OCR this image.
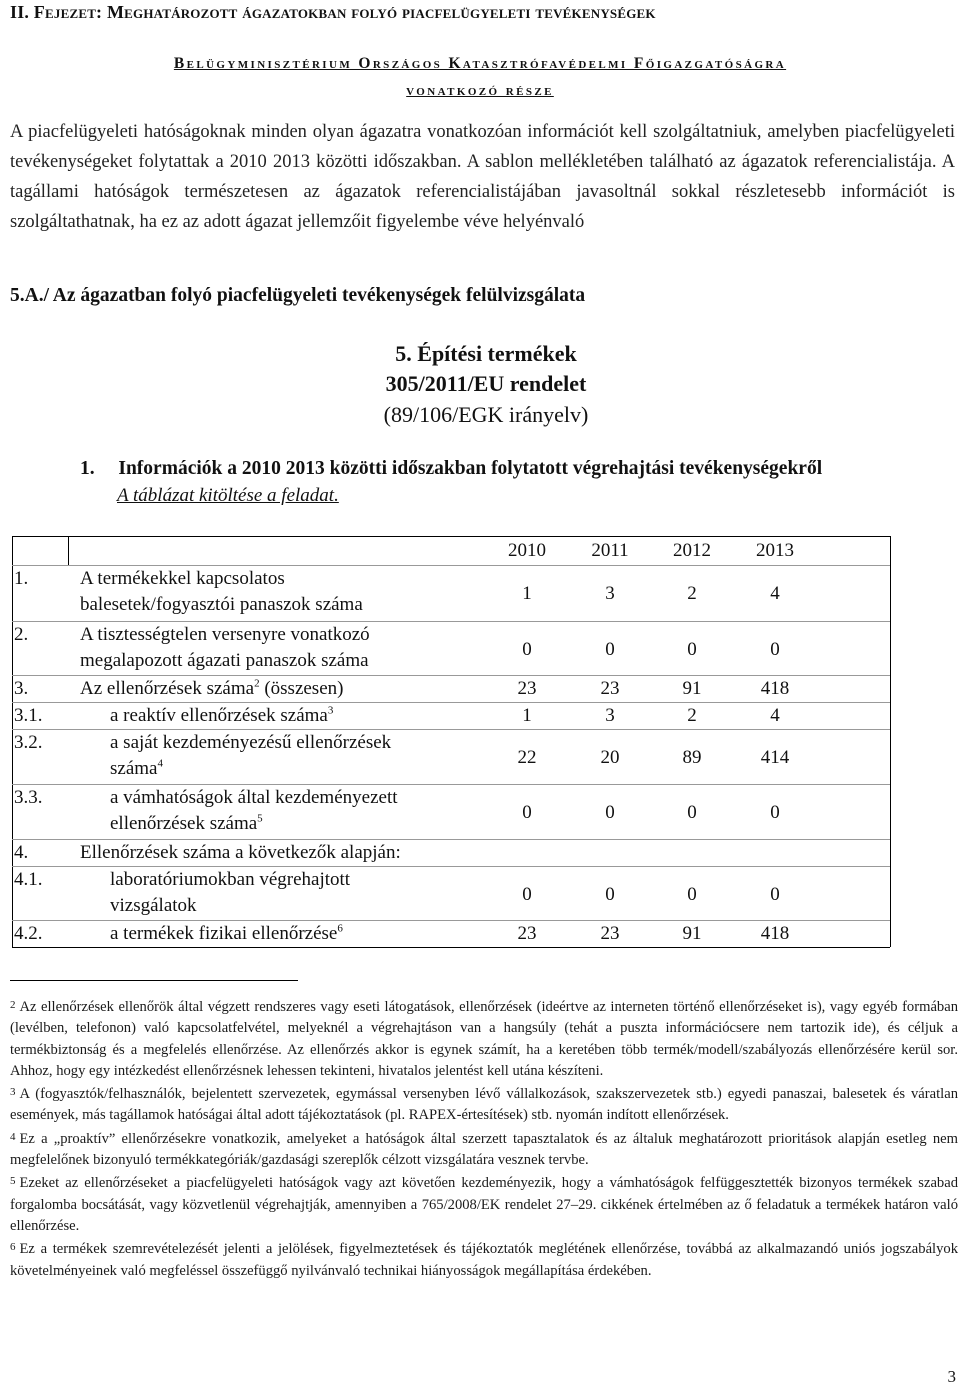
II. Fejezet: Meghatározott ágazatokban folyó piacfelügyeleti tevékenységek
Belügyminisztérium Országos Katasztrófavédelmi Főigazgatóságra
vonatkozó része
A piacfelügyeleti hatóságoknak minden olyan ágazatra vonatkozóan információt kell szolgáltatniuk, amelyben piacfelügyeleti tevékenységeket folytattak a 2010 2013 közötti időszakban. A sablon mellékletében található az ágazatok referencialistája. A tagállami hatóságok természetesen az ágazatok referencialistájában javasoltnál sokkal részletesebb információt is szolgáltathatnak, ha ez az adott ágazat jellemzőit figyelembe véve helyénvaló
5.A./ Az ágazatban folyó piacfelügyeleti tevékenységek felülvizsgálata
5. Építési termékek
305/2011/EU rendelet
(89/106/EGK irányelv)
1. Információk a 2010 2013 közötti időszakban folytatott végrehajtási tevékenységekről
A táblázat kitöltése a feladat.
2010	2011	2012	2013
1.	A termékekkel kapcsolatos
balesetek/fogyasztói panaszok száma
1	3	2	4
2.	A tisztességtelen versenyre vonatkozó
megalapozott ágazati panaszok száma
0	0	0	0
3.	Az ellenőrzések száma$^2$ (összesen)	23	23	91	418
3.1.	a reaktív ellenőrzések száma$^3$	1	3	2	4
3.2.	a saját kezdeményezésű ellenőrzések
száma$^4$	22	20	89	414
3.3.	a vámhatóságok által kezdeményezett
ellenőrzések száma$^5$	0	0	0	0
4.	Ellenőrzések száma a következők alapján:
4.1.	laboratóriumokban végrehajtott
vizsgálatok
0	0	0	0
4.2.	a termékek fizikai ellenőrzése$^6$	23	23	91	418

$^2$ Az ellenőrzések ellenőrök által végzett rendszeres vagy eseti látogatások, ellenőrzések (ideértve az interneten történő ellenőrzéseket is), vagy egyéb formában (levélben, telefonon) való kapcsolatfelvétel, melyeknél a végrehajtáson van a hangsúly (tehát a puszta információcsere nem tartozik ide), és céljuk a termékbiztonság és a megfelelés ellenőrzése. Az ellenőrzés akkor is egynek számít, ha a keretében több termék/modell/szabályozás ellenőrzésére kerül sor. Ahhoz, hogy egy intézkedést ellenőrzésnek lehessen tekinteni, hivatalos jelentést kell utána készíteni.

$^3$ A (fogyasztók/felhasználók, bejelentett szervezetek, egymással versenyben lévő vállalkozások, szakszervezetek stb.) egyedi panaszai, balesetek és váratlan események, más tagállamok hatóságai által adott tájékoztatások (pl. RAPEX-értesítések) stb. nyomán indított ellenőrzések.

$^4$ Ez a „proaktív” ellenőrzésekre vonatkozik, amelyeket a hatóságok által szerzett tapasztalatok és az általuk meghatározott prioritások alapján esetleg nem megfelelőnek bizonyuló termékkategóriák/gazdasági szereplők célzott vizsgálatára vesznek tervbe.

$^5$ Ezeket az ellenőrzéseket a piacfelügyeleti hatóságok vagy azt követően kezdeményezik, hogy a vámhatóságok felfüggesztették bizonyos termékek szabad forgalomba bocsátását, vagy közvetlenül végrehajtják, amennyiben a 765/2008/EK rendelet 27–29. cikkének értelmében az ő feladatuk a termékek határon való ellenőrzése.

$^6$ Ez a termékek szemrevételezését jelenti a jelölések, figyelmeztetések és tájékoztatók meglétének ellenőrzése, továbbá az alkalmazandó uniós jogszabályok követelményeinek való megfeléssel összefüggő nyilvánvaló technikai hiányosságok megállapítása érdekében.

3
